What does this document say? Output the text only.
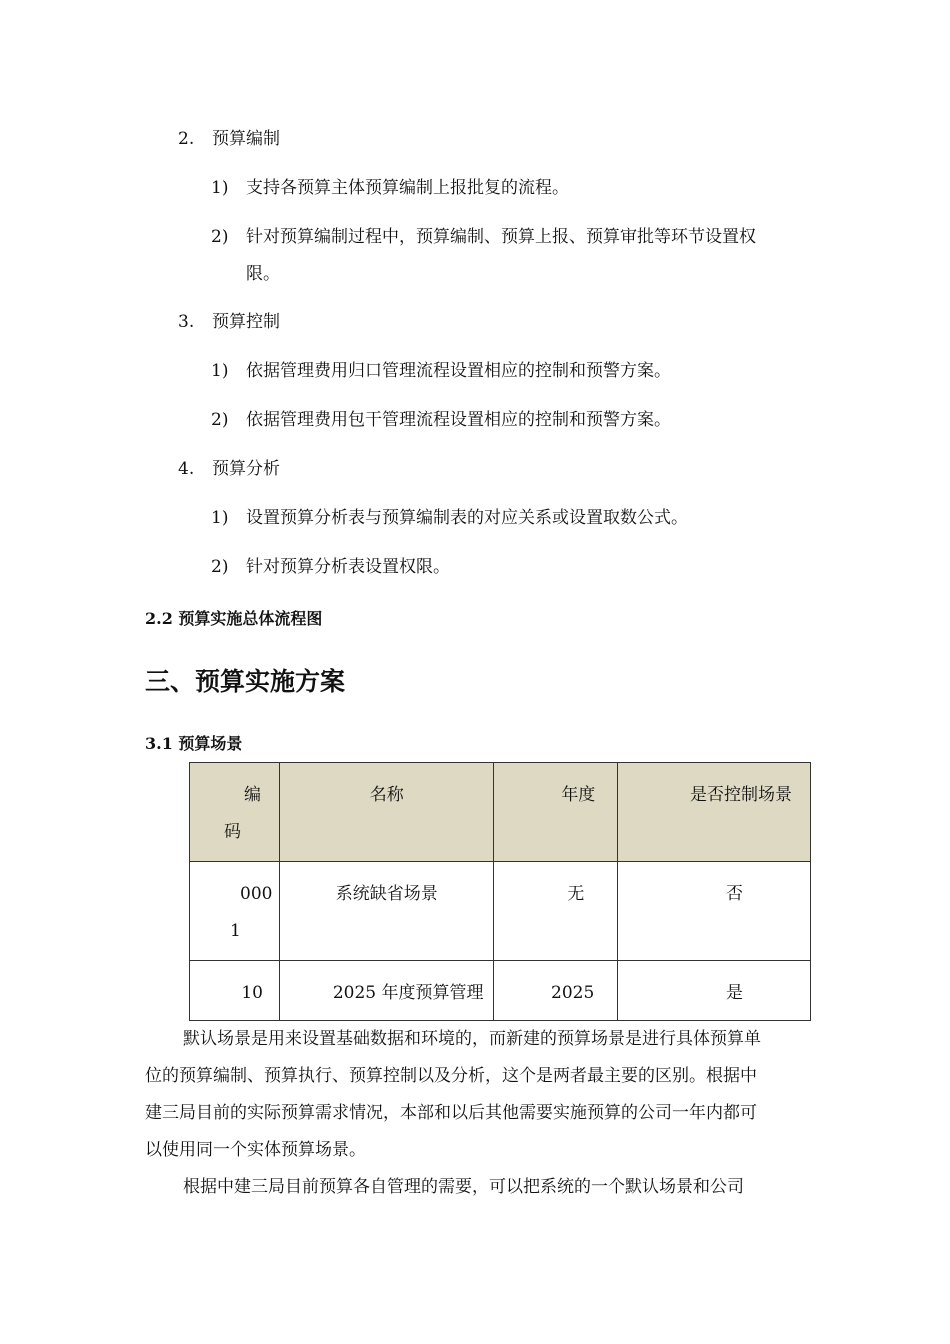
2. 预算编制
1) 支持各预算主体预算编制上报批复的流程。
2) 针对预算编制过程中，预算编制、预算上报、预算审批等环节设置权
限。
3. 预算控制
1) 依据管理费用归口管理流程设置相应的控制和预警方案。
2) 依据管理费用包干管理流程设置相应的控制和预警方案。
4. 预算分析
1) 设置预算分析表与预算编制表的对应关系或设置取数公式。
2) 针对预算分析表设置权限。
2.2 预算实施总体流程图
三、预算实施方案
3.1 预算场景
编
码	名称	年度	是否控制场景

000
1	系统缺省场景	无	否

10	2025 年度预算管理	2025	是
默认场景是用来设置基础数据和环境的，而新建的预算场景是进行具体预算单
位的预算编制、预算执行、预算控制以及分析，这个是两者最主要的区别。根据中
建三局目前的实际预算需求情况，本部和以后其他需要实施预算的公司一年内都可
以使用同一个实体预算场景。
根据中建三局目前预算各自管理的需要，可以把系统的一个默认场景和公司
